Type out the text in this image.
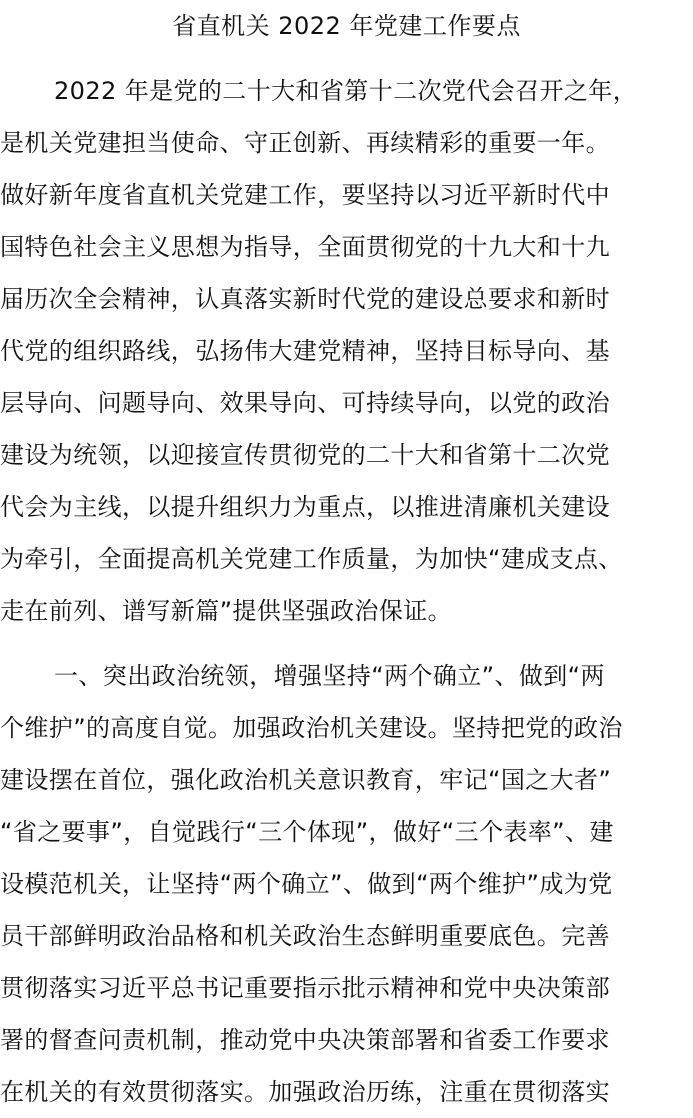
省直机关 2022 年党建工作要点
2022 年是党的二十大和省第十二次党代会召开之年，
是机关党建担当使命、守正创新、再续精彩的重要一年。
做好新年度省直机关党建工作，要坚持以习近平新时代中
国特色社会主义思想为指导，全面贯彻党的十九大和十九
届历次全会精神，认真落实新时代党的建设总要求和新时
代党的组织路线，弘扬伟大建党精神，坚持目标导向、基
层导向、问题导向、效果导向、可持续导向，以党的政治
建设为统领，以迎接宣传贯彻党的二十大和省第十二次党
代会为主线，以提升组织力为重点，以推进清廉机关建设
为牵引，全面提高机关党建工作质量，为加快“建成支点、
走在前列、谱写新篇”提供坚强政治保证。
一、突出政治统领，增强坚持“两个确立”、做到“两
个维护”的高度自觉。加强政治机关建设。坚持把党的政治
建设摆在首位，强化政治机关意识教育，牢记“国之大者”
“省之要事”，自觉践行“三个体现”，做好“三个表率”、建
设模范机关，让坚持“两个确立”、做到“两个维护”成为党
员干部鲜明政治品格和机关政治生态鲜明重要底色。完善
贯彻落实习近平总书记重要指示批示精神和党中央决策部
署的督查问责机制，推动党中央决策部署和省委工作要求
在机关的有效贯彻落实。加强政治历练，注重在贯彻落实
